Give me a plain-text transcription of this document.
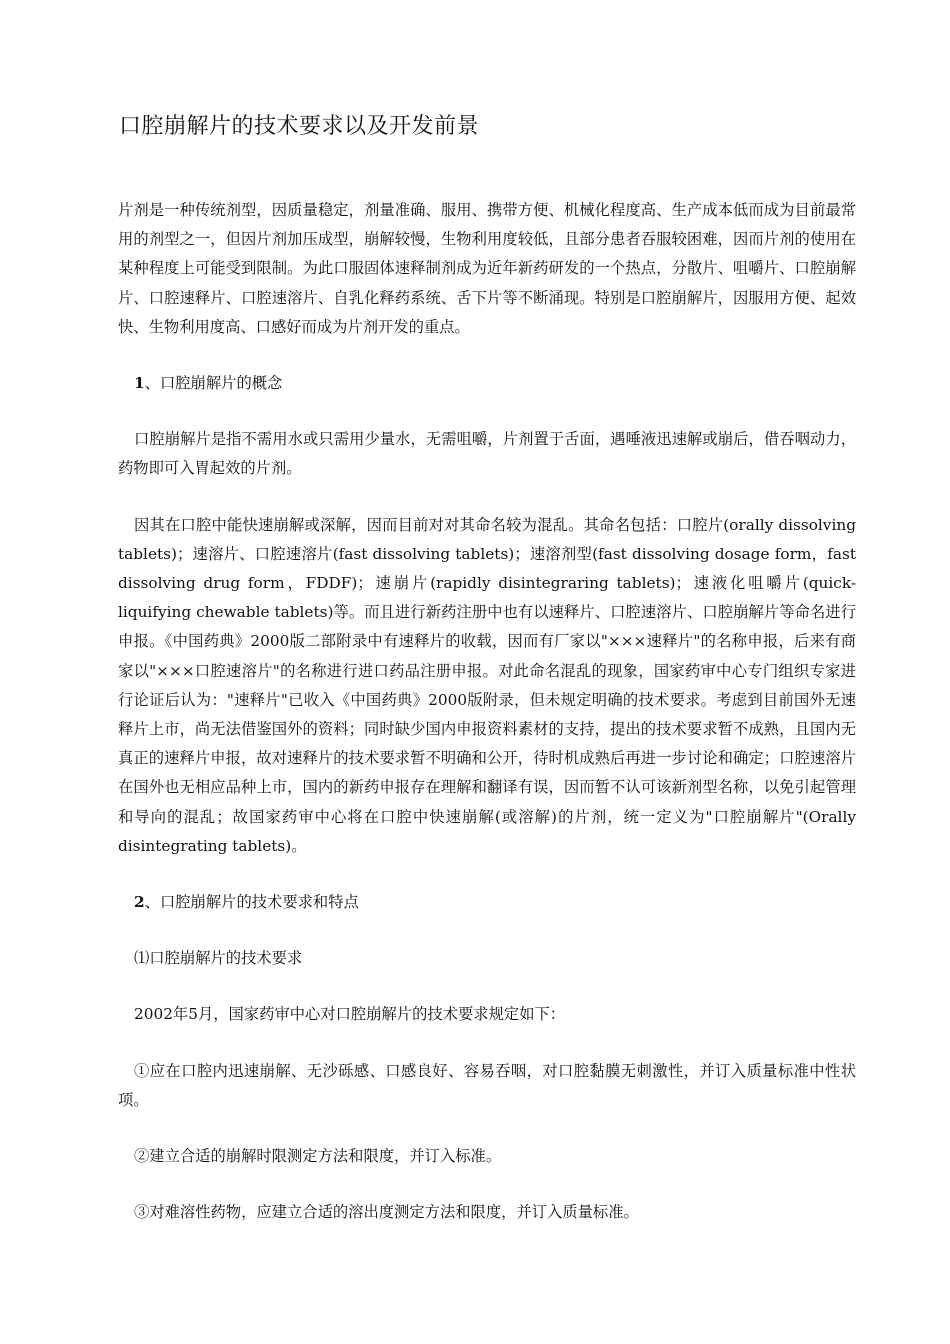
口腔崩解片的技术要求以及开发前景

片剂是一种传统剂型，因质量稳定，剂量准确、服用、携带方便、机械化程度高、生产成本低而成为目前最常用的剂型之一，但因片剂加压成型，崩解较慢，生物利用度较低，且部分患者吞服较困难，因而片剂的使用在某种程度上可能受到限制。为此口服固体速释制剂成为近年新药研发的一个热点，分散片、咀嚼片、口腔崩解片、口腔速释片、口腔速溶片、自乳化释药系统、舌下片等不断涌现。特别是口腔崩解片，因服用方便、起效快、生物利用度高、口感好而成为片剂开发的重点。

1、口腔崩解片的概念

口腔崩解片是指不需用水或只需用少量水，无需咀嚼，片剂置于舌面，遇唾液迅速解或崩后，借吞咽动力，药物即可入胃起效的片剂。

因其在口腔中能快速崩解或深解，因而目前对对其命名较为混乱。其命名包括：口腔片(orally dissolving tablets)；速溶片、口腔速溶片(fast dissolving tablets)；速溶剂型(fast dissolving dosage form，fast dissolving drug form，FDDF)；速崩片(rapidly disintegraring tablets)；速液化咀嚼片(quick-liquifying chewable tablets)等。而且进行新药注册中也有以速释片、口腔速溶片、口腔崩解片等命名进行申报。《中国药典》2000版二部附录中有速释片的收载，因而有厂家以"×××速释片"的名称申报，后来有商家以"×××口腔速溶片"的名称进行进口药品注册申报。对此命名混乱的现象，国家药审中心专门组织专家进行论证后认为："速释片"已收入《中国药典》2000版附录，但未规定明确的技术要求。考虑到目前国外无速释片上市，尚无法借鉴国外的资料；同时缺少国内申报资料素材的支持，提出的技术要求暂不成熟，且国内无真正的速释片申报，故对速释片的技术要求暂不明确和公开，待时机成熟后再进一步讨论和确定；口腔速溶片在国外也无相应品种上市，国内的新药申报存在理解和翻译有误，因而暂不认可该新剂型名称，以免引起管理和导向的混乱；故国家药审中心将在口腔中快速崩解(或溶解)的片剂，统一定义为"口腔崩解片"(Orally disintegrating tablets)。

2、口腔崩解片的技术要求和特点

⑴口腔崩解片的技术要求

2002年5月，国家药审中心对口腔崩解片的技术要求规定如下：

①应在口腔内迅速崩解、无沙砾感、口感良好、容易吞咽，对口腔黏膜无刺激性，并订入质量标准中性状项。

②建立合适的崩解时限测定方法和限度，并订入标准。

③对难溶性药物，应建立合适的溶出度测定方法和限度，并订入质量标准。
